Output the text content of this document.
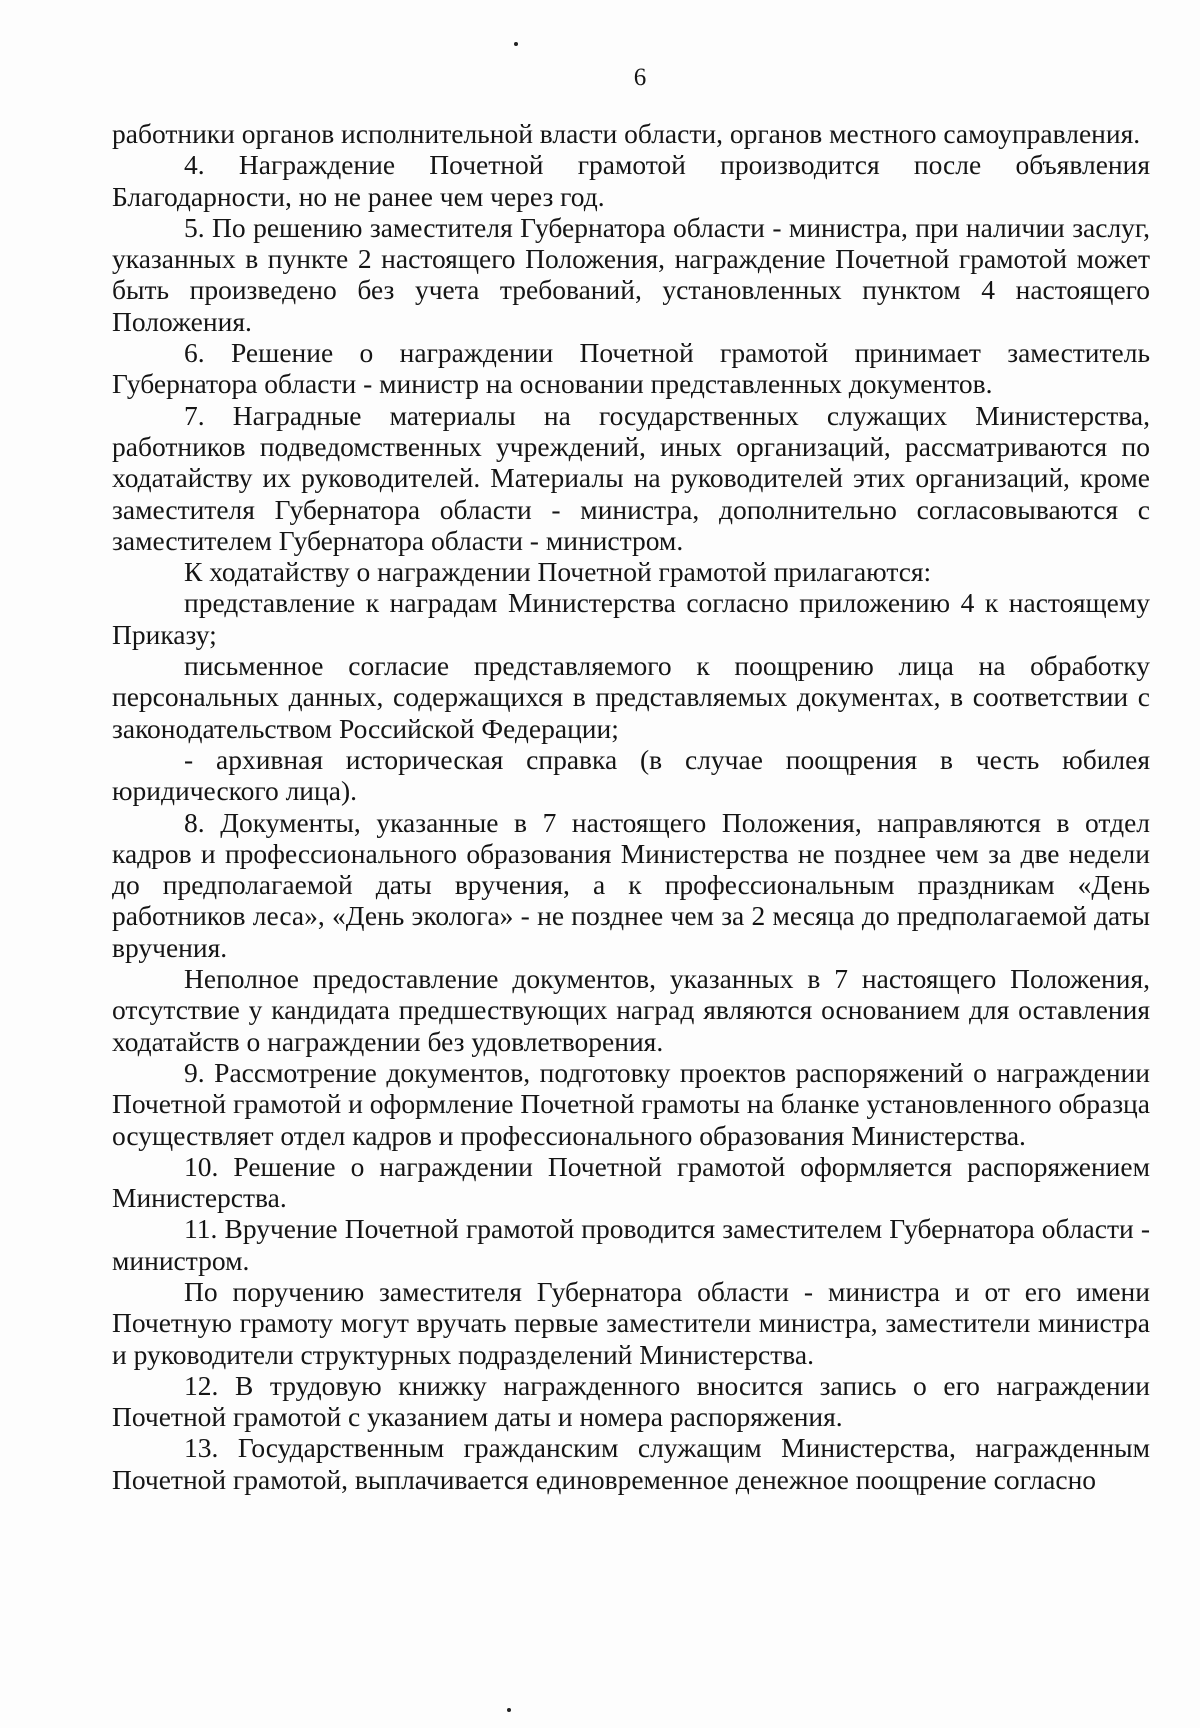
6

работники органов исполнительной власти области, органов местного самоуправления.

4. Награждение Почетной грамотой производится после объявления Благодарности, но не ранее чем через год.

5. По решению заместителя Губернатора области - министра, при наличии заслуг, указанных в пункте 2 настоящего Положения, награждение Почетной грамотой может быть произведено без учета требований, установленных пунктом 4 настоящего Положения.

6. Решение о награждении Почетной грамотой принимает заместитель Губернатора области - министр на основании представленных документов.

7. Наградные материалы на государственных служащих Министерства, работников подведомственных учреждений, иных организаций, рассматриваются по ходатайству их руководителей. Материалы на руководителей этих организаций, кроме заместителя Губернатора области - министра, дополнительно согласовываются с заместителем Губернатора области - министром.

К ходатайству о награждении Почетной грамотой прилагаются:

представление к наградам Министерства согласно приложению 4 к настоящему Приказу;

письменное согласие представляемого к поощрению лица на обработку персональных данных, содержащихся в представляемых документах, в соответствии с законодательством Российской Федерации;

- архивная историческая справка (в случае поощрения в честь юбилея юридического лица).

8. Документы, указанные в 7 настоящего Положения, направляются в отдел кадров и профессионального образования Министерства не позднее чем за две недели до предполагаемой даты вручения, а к профессиональным праздникам «День работников леса», «День эколога» - не позднее чем за 2 месяца до предполагаемой даты вручения.

Неполное предоставление документов, указанных в 7 настоящего Положения, отсутствие у кандидата предшествующих наград являются основанием для оставления ходатайств о награждении без удовлетворения.

9. Рассмотрение документов, подготовку проектов распоряжений о награждении Почетной грамотой и оформление Почетной грамоты на бланке установленного образца осуществляет отдел кадров и профессионального образования Министерства.

10. Решение о награждении Почетной грамотой оформляется распоряжением Министерства.

11. Вручение Почетной грамотой проводится заместителем Губернатора области - министром.

По поручению заместителя Губернатора области - министра и от его имени Почетную грамоту могут вручать первые заместители министра, заместители министра и руководители структурных подразделений Министерства.

12. В трудовую книжку награжденного вносится запись о его награждении Почетной грамотой с указанием даты и номера распоряжения.

13. Государственным гражданским служащим Министерства, награжденным Почетной грамотой, выплачивается единовременное денежное поощрение согласно
